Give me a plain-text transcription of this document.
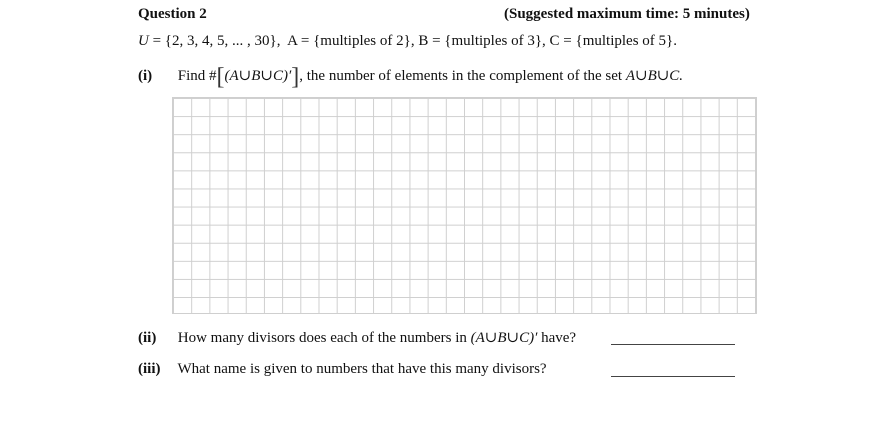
Question 2	(Suggested maximum time: 5 minutes)
U = {2, 3, 4, 5, ... , 30}, A = {multiples of 2}, B = {multiples of 3}, C = {multiples of 5}.
(i) Find #[(A∪B∪C)′], the number of elements in the complement of the set A∪B∪C.
(ii) How many divisors does each of the numbers in (A∪B∪C)′ have?
(iii) What name is given to numbers that have this many divisors?
